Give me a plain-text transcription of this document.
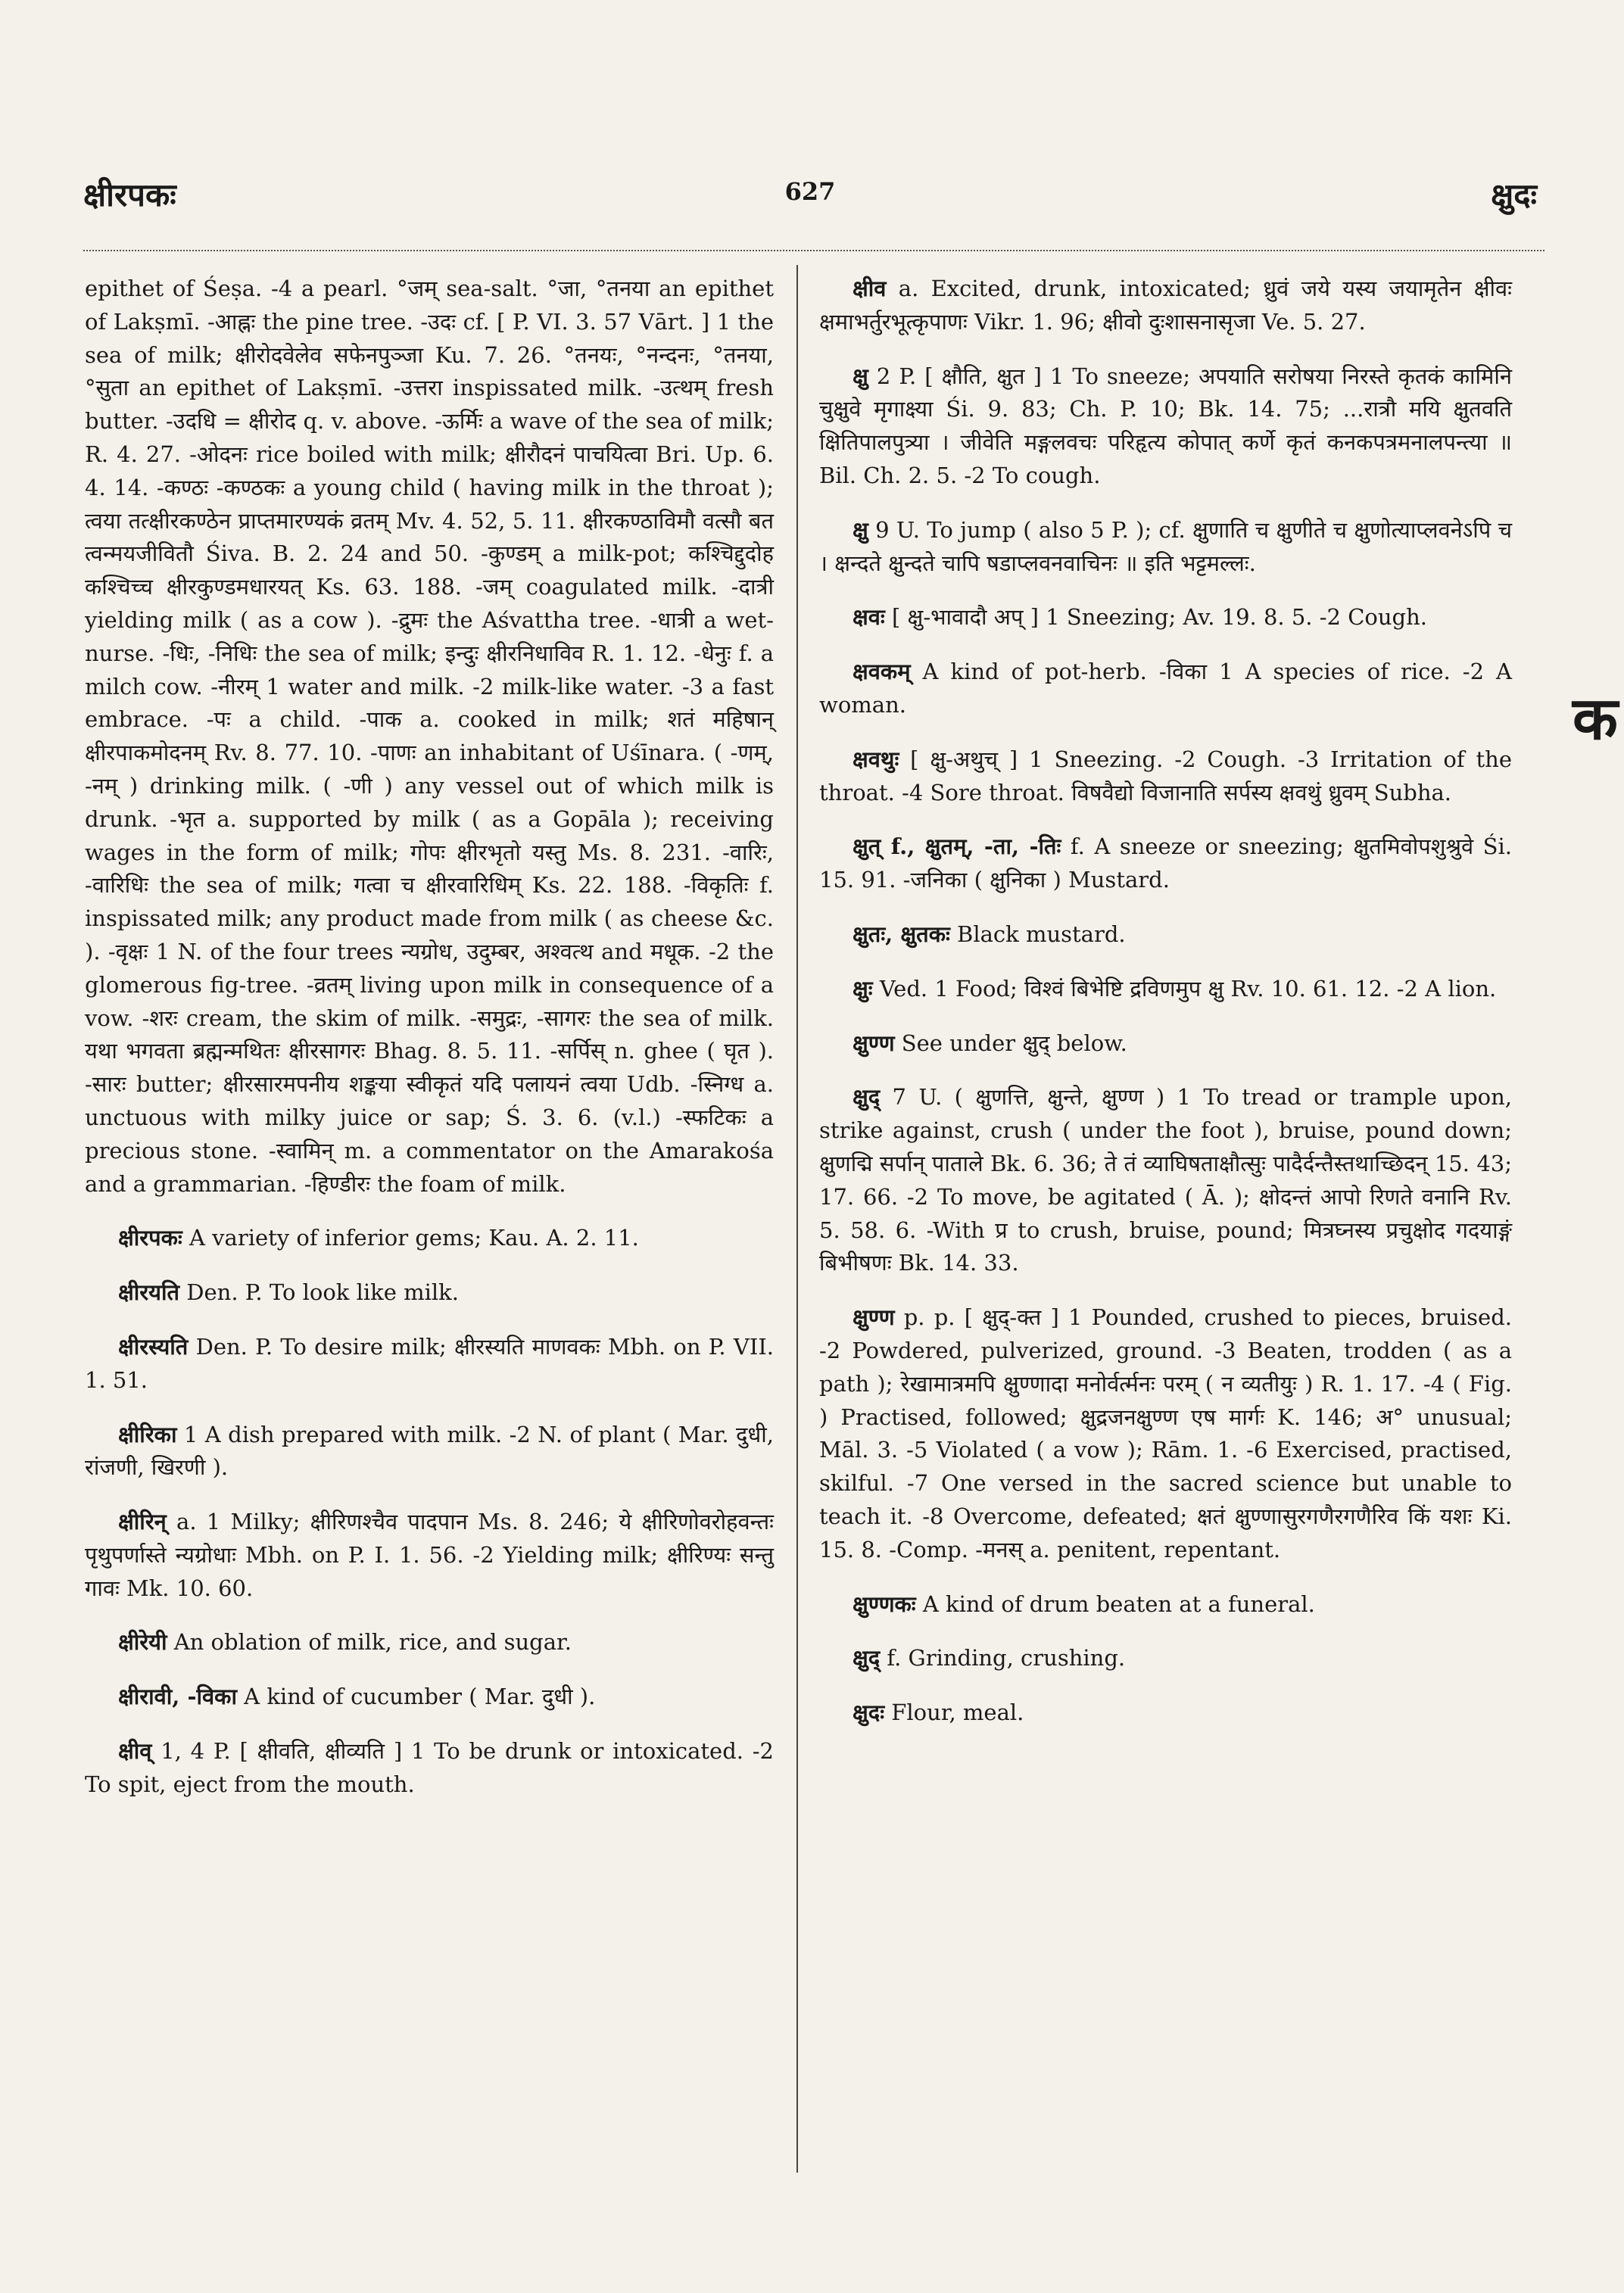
क्षीरपकः	627	क्षुदः

epithet of Śeṣa. -4 a pearl. °जम् sea-salt. °जा, °तनया an epithet of Lakṣmī. -आह्नः the pine tree. -उदः cf. [ P. VI. 3. 57 Vārt. ] 1 the sea of milk; क्षीरोदवेलेव सफेनपुञ्जा Ku. 7. 26. °तनयः, °नन्दनः, °तनया, °सुता an epithet of Lakṣmī. -उत्तरा inspissated milk. -उत्थम् fresh butter. -उदधि = क्षीरोद q. v. above. -ऊर्मिः a wave of the sea of milk; R. 4. 27. -ओदनः rice boiled with milk; क्षीरौदनं पाचयित्वा Bri. Up. 6. 4. 14. -कण्ठः -कण्ठकः a young child ( having milk in the throat ); त्वया तत्क्षीरकण्ठेन प्राप्तमारण्यकं व्रतम् Mv. 4. 52, 5. 11. क्षीरकण्ठाविमौ वत्सौ बत त्वन्मयजीवितौ Śiva. B. 2. 24 and 50. -कुण्डम् a milk-pot; कश्चिद्दुदोह कश्चिच्च क्षीरकुण्डमधारयत् Ks. 63. 188. -जम् coagulated milk. -दात्री yielding milk ( as a cow ). -द्रुमः the Aśvattha tree. -धात्री a wet-nurse. -धिः, -निधिः the sea of milk; इन्दुः क्षीरनिधाविव R. 1. 12. -धेनुः f. a milch cow. -नीरम् 1 water and milk. -2 milk-like water. -3 a fast embrace. -पः a child. -पाक a. cooked in milk; शतं महिषान् क्षीरपाकमोदनम् Rv. 8. 77. 10. -पाणः an inhabitant of Uśīnara. ( -णम्, -नम् ) drinking milk. ( -णी ) any vessel out of which milk is drunk. -भृत a. supported by milk ( as a Gopāla ); receiving wages in the form of milk; गोपः क्षीरभृतो यस्तु Ms. 8. 231. -वारिः, -वारिधिः the sea of milk; गत्वा च क्षीरवारिधिम् Ks. 22. 188. -विकृतिः f. inspissated milk; any product made from milk ( as cheese &c. ). -वृक्षः 1 N. of the four trees न्यग्रोध, उदुम्बर, अश्वत्थ and मधूक. -2 the glomerous fig-tree. -व्रतम् living upon milk in consequence of a vow. -शरः cream, the skim of milk. -समुद्रः, -सागरः the sea of milk. यथा भगवता ब्रह्मन्मथितः क्षीरसागरः Bhag. 8. 5. 11. -सर्पिस् n. ghee ( घृत ). -सारः butter; क्षीरसारमपनीय शङ्कया स्वीकृतं यदि पलायनं त्वया Udb. -स्निग्ध a. unctuous with milky juice or sap; Ś. 3. 6. (v.l.) -स्फटिकः a precious stone. -स्वामिन् m. a commentator on the Amarakośa and a grammarian. -हिण्डीरः the foam of milk.

क्षीरपकः A variety of inferior gems; Kau. A. 2. 11.

क्षीरयति Den. P. To look like milk.

क्षीरस्यति Den. P. To desire milk; क्षीरस्यति माणवकः Mbh. on P. VII. 1. 51.

क्षीरिका 1 A dish prepared with milk. -2 N. of plant ( Mar. दुधी, रांजणी, खिरणी ).

क्षीरिन् a. 1 Milky; क्षीरिणश्चैव पादपान Ms. 8. 246; ये क्षीरिणोवरोहवन्तः पृथुपर्णास्ते न्यग्रोधाः Mbh. on P. I. 1. 56. -2 Yielding milk; क्षीरिण्यः सन्तु गावः Mk. 10. 60.

क्षीरेयी An oblation of milk, rice, and sugar.

क्षीरावी, -विका A kind of cucumber ( Mar. दुधी ).

क्षीव् 1, 4 P. [ क्षीवति, क्षीव्यति ] 1 To be drunk or intoxicated. -2 To spit, eject from the mouth.

क्षीव a. Excited, drunk, intoxicated; ध्रुवं जये यस्य जयामृतेन क्षीवः क्षमाभर्तुरभूत्कृपाणः Vikr. 1. 96; क्षीवो दुःशासनासृजा Ve. 5. 27.

क्षु 2 P. [ क्षौति, क्षुत ] 1 To sneeze; अपयाति सरोषया निरस्ते कृतकं कामिनि चुक्षुवे मृगाक्ष्या Śi. 9. 83; Ch. P. 10; Bk. 14. 75; ...रात्रौ मयि क्षुतवति क्षितिपालपुत्र्या । जीवेति मङ्गलवचः परिहृत्य कोपात् कर्णे कृतं कनकपत्रमनालपन्त्या ॥ Bil. Ch. 2. 5. -2 To cough.

क्षु 9 U. To jump ( also 5 P. ); cf. क्षुणाति च क्षुणीते च क्षुणोत्याप्लवनेऽपि च । क्षन्दते क्षुन्दते चापि षडाप्लवनवाचिनः ॥ इति भट्टमल्लः.

क्षवः [ क्षु-भावादौ अप् ] 1 Sneezing; Av. 19. 8. 5. -2 Cough.

क्षवकम् A kind of pot-herb. -विका 1 A species of rice. -2 A woman.

क्षवथुः [ क्षु-अथुच् ] 1 Sneezing. -2 Cough. -3 Irritation of the throat. -4 Sore throat. विषवैद्यो विजानाति सर्पस्य क्षवथुं ध्रुवम् Subha.

क्षुत् f., क्षुतम्, -ता, -तिः f. A sneeze or sneezing; क्षुतमिवोपशुश्रुवे Śi. 15. 91. -जनिका ( क्षुनिका ) Mustard.

क्षुतः, क्षुतकः Black mustard.

क्षुः Ved. 1 Food; विश्वं बिभेष्टि द्रविणमुप क्षु Rv. 10. 61. 12. -2 A lion.

क्षुण्ण See under क्षुद् below.

क्षुद् 7 U. ( क्षुणत्ति, क्षुन्ते, क्षुण्ण ) 1 To tread or trample upon, strike against, crush ( under the foot ), bruise, pound down; क्षुणद्मि सर्पान् पाताले Bk. 6. 36; ते तं व्याघिषताक्षौत्सुः पादैर्दन्तैस्तथाच्छिदन् 15. 43; 17. 66. -2 To move, be agitated ( Ā. ); क्षोदन्तं आपो रिणते वनानि Rv. 5. 58. 6. -With प्र to crush, bruise, pound; मित्रघ्नस्य प्रचुक्षोद गदयाङ्गं बिभीषणः Bk. 14. 33.

क्षुण्ण p. p. [ क्षुद्-क्त ] 1 Pounded, crushed to pieces, bruised. -2 Powdered, pulverized, ground. -3 Beaten, trodden ( as a path ); रेखामात्रमपि क्षुण्णादा मनोर्वर्त्मनः परम् ( न व्यतीयुः ) R. 1. 17. -4 ( Fig. ) Practised, followed; क्षुद्रजनक्षुण्ण एष मार्गः K. 146; अ° unusual; Māl. 3. -5 Violated ( a vow ); Rām. 1. -6 Exercised, practised, skilful. -7 One versed in the sacred science but unable to teach it. -8 Overcome, defeated; क्षतं क्षुण्णासुरगणैरगणैरिव किं यशः Ki. 15. 8. -Comp. -मनस् a. penitent, repentant.

क्षुण्णकः A kind of drum beaten at a funeral.

क्षुद् f. Grinding, crushing.

क्षुदः Flour, meal.

क
